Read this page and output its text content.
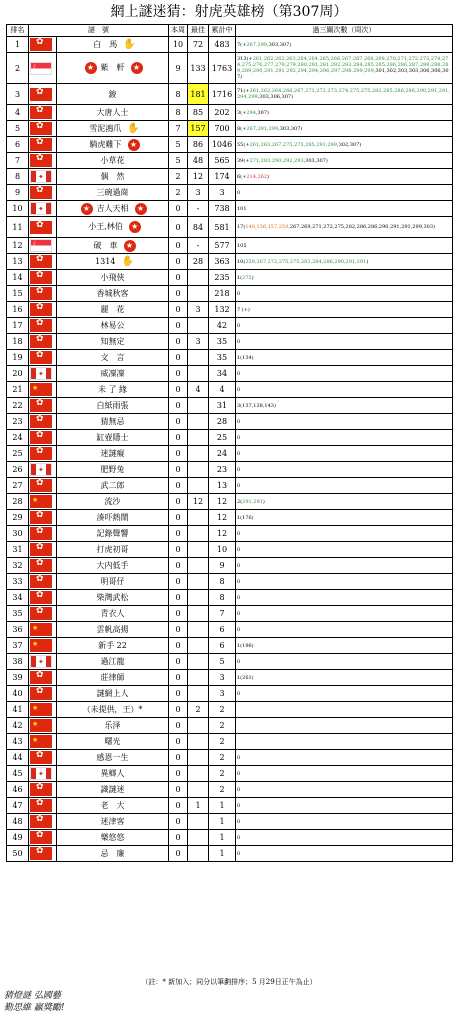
網上謎迷猜：射虎英雄榜（第307周）
排名	謎　號		本周	最佳	累計中	過三關次數（周次）
1	✿	白　馬 ✋	10	72	483	7(+267,299,303,307)

2	☾	★ 紫　軒 ★	9	133	1763	313(+261,262,262,263,264,264,265,266,267,267,268,269,270,271,272,273,274,274,275,276,277,279,279,280,281,281,282,283,284,285,285,286,286,287,288,288,289,289,290,291,291,292,294,294,296,297,298,299,299,301,302,303,303,306,306,307)

3	✿	鋑	8	181	1716	71(+261,262,264,266,267,271,272,273,274,275,275,282,285,286,286,290,291,291,294,299,303,306,307)

4	✿	大唐人士	8	85	202	3(+294,307)

5	✿	雪泥鴻爪 ✋	7	157	700	8(+267,291,299,303,307)

6	✿	騎虎難下 ★	5	86	1046	55(+261,263,267,275,275,285,291,299,302,307)

7	✿	小草花	5	48	565	39(+271,283,290,292,293,303,307)

8	✦	偶　然	2	12	174	6(+214,262)

9	✿	三碗過崗	2	3	3	0

10	✦	★ 吉人天相 ★	0	-	738	101

11	✿	小王,林伯 ★	0	84	581	17(148,156,157,259,267,269,271,272,275,282,286,286,290,291,291,299,303)

12	☾	破　車 ★	0	-	577	105

13	✿	1314 ✋	0	28	363	10(259,267,272,275,275,282,284,286,290,291,291)

14	✿	小飛俠	0		235	1(275)

15	✿	香城秋客	0		218	0

16	✿	麗　花	0	3	132	7 (+)

17	✿	林易公	0		42	0

18	✿	知無定	0	3	35	0

19	✿	文　言	0		35	1(134)

20	✦	威凜凜	0		34	0

21	★	未 了 緣	0	4	4	0

22	✿	白紙雨張	0		31	3(137,138,143)

23	✿	猜無忌	0		28	0

24	✿	缸壺隱士	0		25	0

25	✿	迷謎癡	0		24	0

26	✦	肥野兔	0		23	0

27	✿	武二郎	0		13	0

28	★	流沙	0	12	12	2(291,291)

29	✿	湊吓熱鬧	0		12	1(176)

30	✿	記錄聲響	0		12	0

31	✿	打虎初哥	0		10	0

32	✿	大内低手	0		9	0

33	✿	明哥仔	0		8	0

34	✿	柴灣武松	0		8	0

35	✿	青衣人	0		7	0

36	★	雲帆高揚	0		6	0

37	★	新手 22	0		6	1(196)

38	✦	過江龍	0		5	0

39	✿	莊律師	0		3	1(261)

40	✿	謎網上人	0		3	0

41	★	（未提供，王）*	0	2	2	

42	★	乐泽	0		2	

43	★	曙光	0		2	

44	✿	感恩一生	0		2	0

45	✦	異鄉人	0		2	0

46	✿	識謎迷	0		2	0

47	✿	老　大	0	1	1	0

48	✿	迷津客	0		1	0

49	✿	樂悠悠	0		1	0

50	✿	忌　廉	0		1	0
（註：* 新加入；同分以筆劃排序；5 月29日正午為止）
猜燈謎 弘國藝
勤思維 贏獎勵!
